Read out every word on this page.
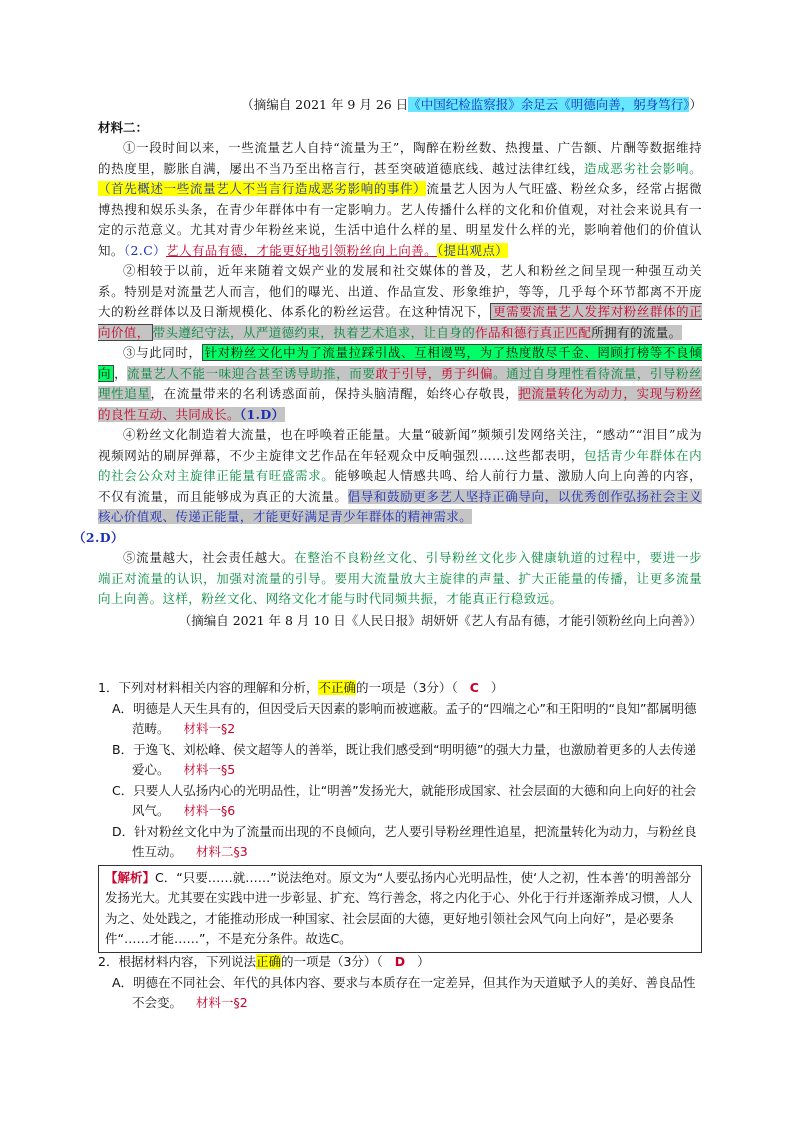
（摘编自 2021 年 9 月 26 日《中国纪检监察报》余足云《明德向善，躬身笃行》）
材料二：

①一段时间以来，一些流量艺人自持“流量为王”，陶醉在粉丝数、热搜量、广告额、片酬等数据维持的热度里，膨胀自满，屡出不当乃至出格言行，甚至突破道德底线、越过法律红线，造成恶劣社会影响。（首先概述一些流量艺人不当言行造成恶劣影响的事件）流量艺人因为人气旺盛、粉丝众多，经常占据微博热搜和娱乐头条，在青少年群体中有一定影响力。艺人传播什么样的文化和价值观，对社会来说具有一定的示范意义。尤其对青少年粉丝来说，生活中追什么样的星、明星发什么样的光，影响着他们的价值认知。（2.C）艺人有品有德，才能更好地引领粉丝向上向善。（提出观点）

②相较于以前，近年来随着文娱产业的发展和社交媒体的普及，艺人和粉丝之间呈现一种强互动关系。特别是对流量艺人而言，他们的曝光、出道、作品宣发、形象维护，等等，几乎每个环节都离不开庞大的粉丝群体以及日渐规模化、体系化的粉丝运营。在这种情况下， 更需要流量艺人发挥对粉丝群体的正向价值， 带头遵纪守法，从严道德约束，执着艺术追求，让自身的作品和德行真正匹配所拥有的流量。

③与此同时， 针对粉丝文化中为了流量拉踩引战、互相谩骂，为了热度散尽千金、罔顾打榜等不良倾向 ，流量艺人不能一味迎合甚至诱导助推，而要敢于引导，勇于纠偏。通过自身理性看待流量，引导粉丝理性追星，在流量带来的名利诱惑面前，保持头脑清醒，始终心存敬畏，把流量转化为动力，实现与粉丝的良性互动、共同成长。（1.D）

④粉丝文化制造着大流量，也在呼唤着正能量。大量“破新闻”频频引发网络关注，“感动”“泪目”成为视频网站的刷屏弹幕，不少主旋律文艺作品在年轻观众中反响强烈……这些都表明，包括青少年群体在内的社会公众对主旋律正能量有旺盛需求。能够唤起人情感共鸣、给人前行力量、激励人向上向善的内容，不仅有流量，而且能够成为真正的大流量。倡导和鼓励更多艺人坚持正确导向，以优秀创作弘扬社会主义核心价值观、传递正能量，才能更好满足青少年群体的精神需求。
（2.D）

⑤流量越大，社会责任越大。在整治不良粉丝文化、引导粉丝文化步入健康轨道的过程中，要进一步端正对流量的认识，加强对流量的引导。要用大流量放大主旋律的声量、扩大正能量的传播，让更多流量向上向善。这样，粉丝文化、网络文化才能与时代同频共振，才能真正行稳致远。

（摘编自 2021 年 8 月 10 日《人民日报》胡妍妍《艺人有品有德，才能引领粉丝向上向善》）

1．下列对材料相关内容的理解和分析，不正确的一项是（3分）（ C ）

A．明德是人天生具有的，但因受后天因素的影响而被遮蔽。孟子的“四端之心”和王阳明的“良知”都属明德范畴。 材料一§2

B．于逸飞、刘松峰、侯文超等人的善举，既让我们感受到“明明德”的强大力量，也激励着更多的人去传递爱心。 材料一§5

C．只要人人弘扬内心的光明品性，让“明善”发扬光大，就能形成国家、社会层面的大德和向上向好的社会风气。 材料一§6

D．针对粉丝文化中为了流量而出现的不良倾向，艺人要引导粉丝理性追星，把流量转化为动力，与粉丝良性互动。 材料二§3

【解析】C．“只要……就……”说法绝对。原文为“人要弘扬内心光明品性，使‘人之初，性本善’的明善部分发扬光大。尤其要在实践中进一步彰显、扩充、笃行善念，将之内化于心、外化于行并逐渐养成习惯，人人为之、处处践之，才能推动形成一种国家、社会层面的大德，更好地引领社会风气向上向好”，是必要条件“……才能……”，不是充分条件。故选C。

2．根据材料内容，下列说法正确的一项是（3分）（ D ）

A．明德在不同社会、年代的具体内容、要求与本质存在一定差异，但其作为天道赋予人的美好、善良品性不会变。 材料一§2
